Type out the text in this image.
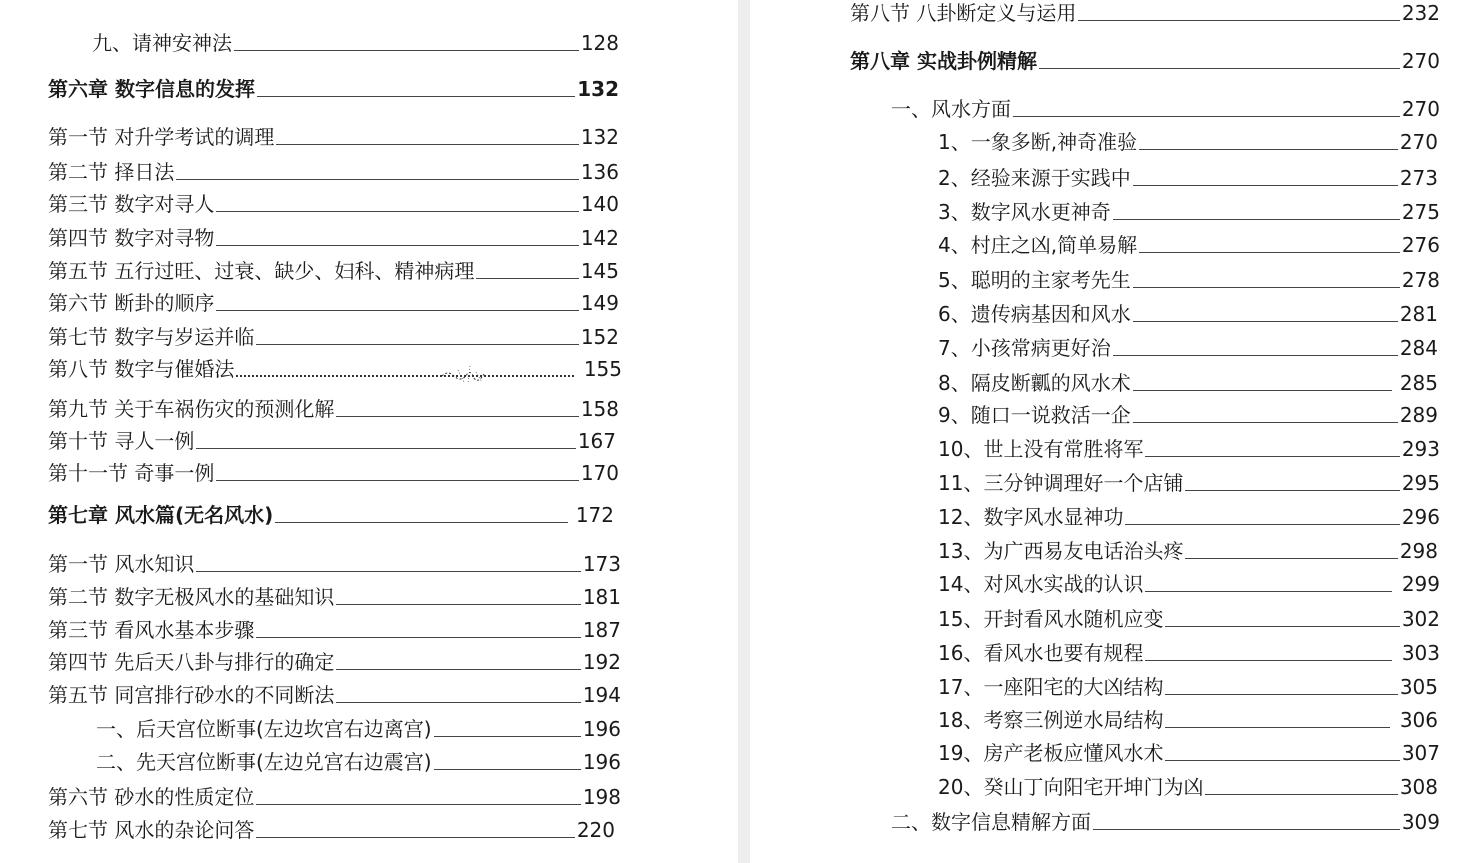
九、请神安神法	128
第六章 数字信息的发挥	132
第一节 对升学考试的调理	132
第二节 择日法	136
第三节 数字对寻人	140
第四节 数字对寻物	142
第五节 五行过旺、过衰、缺少、妇科、精神病理	145
第六节 断卦的顺序	149
第七节 数字与岁运并临	152
第八节 数字与催婚法	155
第九节 关于车祸伤灾的预测化解	158
第十节 寻人一例	167
第十一节 奇事一例	170
第七章 风水篇(无名风水)	172
第一节 风水知识	173
第二节 数字无极风水的基础知识	181
第三节 看风水基本步骤	187
第四节 先后天八卦与排行的确定	192
第五节 同宫排行砂水的不同断法	194
一、后天宫位断事(左边坎宫右边离宫)	196
二、先天宫位断事(左边兑宫右边震宫)	196
第六节 砂水的性质定位	198
第七节 风水的杂论问答	220
第八节 八卦断定义与运用	232
第八章 实战卦例精解	270
一、风水方面	270
1、一象多断,神奇准验	270
2、经验来源于实践中	273
3、数字风水更神奇	275
4、村庄之凶,简单易解	276
5、聪明的主家考先生	278
6、遗传病基因和风水	281
7、小孩常病更好治	284
8、隔皮断瓤的风水术	285
9、随口一说救活一企	289
10、世上没有常胜将军	293
11、三分钟调理好一个店铺	295
12、数字风水显神功	296
13、为广西易友电话治头疼	298
14、对风水实战的认识	299
15、开封看风水随机应变	302
16、看风水也要有规程	303
17、一座阳宅的大凶结构	305
18、考察三例逆水局结构	306
19、房产老板应懂风水术	307
20、癸山丁向阳宅开坤门为凶	308
二、数字信息精解方面	309
